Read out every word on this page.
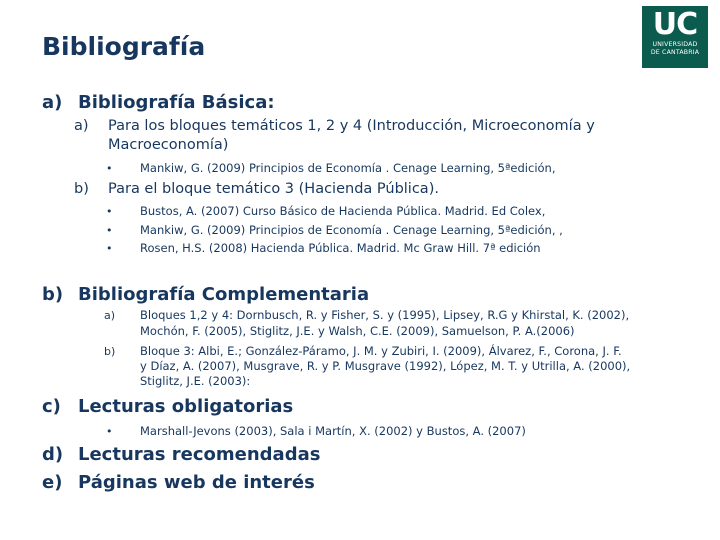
Bibliografía
UC
UNIVERSIDAD
DE CANTABRIA
a) Bibliografía Básica:
a) Para los bloques temáticos 1, 2 y 4 (Introducción, Microeconomía y
Macroeconomía)
• Mankiw, G. (2009) Principios de Economía . Cenage Learning, 5ªedición,
b) Para el bloque temático 3 (Hacienda Pública).
• Bustos, A. (2007) Curso Básico de Hacienda Pública. Madrid. Ed Colex,
• Mankiw, G. (2009) Principios de Economía . Cenage Learning, 5ªedición, ,
• Rosen, H.S. (2008) Hacienda Pública. Madrid. Mc Graw Hill. 7ª edición
b) Bibliografía Complementaria
a) Bloques 1,2 y 4: Dornbusch, R. y Fisher, S. y (1995), Lipsey, R.G y Khirstal, K. (2002),
Mochón, F. (2005), Stiglitz, J.E. y Walsh, C.E. (2009), Samuelson, P. A.(2006)
b) Bloque 3: Albi, E.; González-Páramo, J. M. y Zubiri, I. (2009), Álvarez, F., Corona, J. F.
y Díaz, A. (2007), Musgrave, R. y P. Musgrave (1992), López, M. T. y Utrilla, A. (2000),
Stiglitz, J.E. (2003):
c) Lecturas obligatorias
• Marshall-Jevons (2003), Sala i Martín, X. (2002) y Bustos, A. (2007)
d) Lecturas recomendadas
e) Páginas web de interés
